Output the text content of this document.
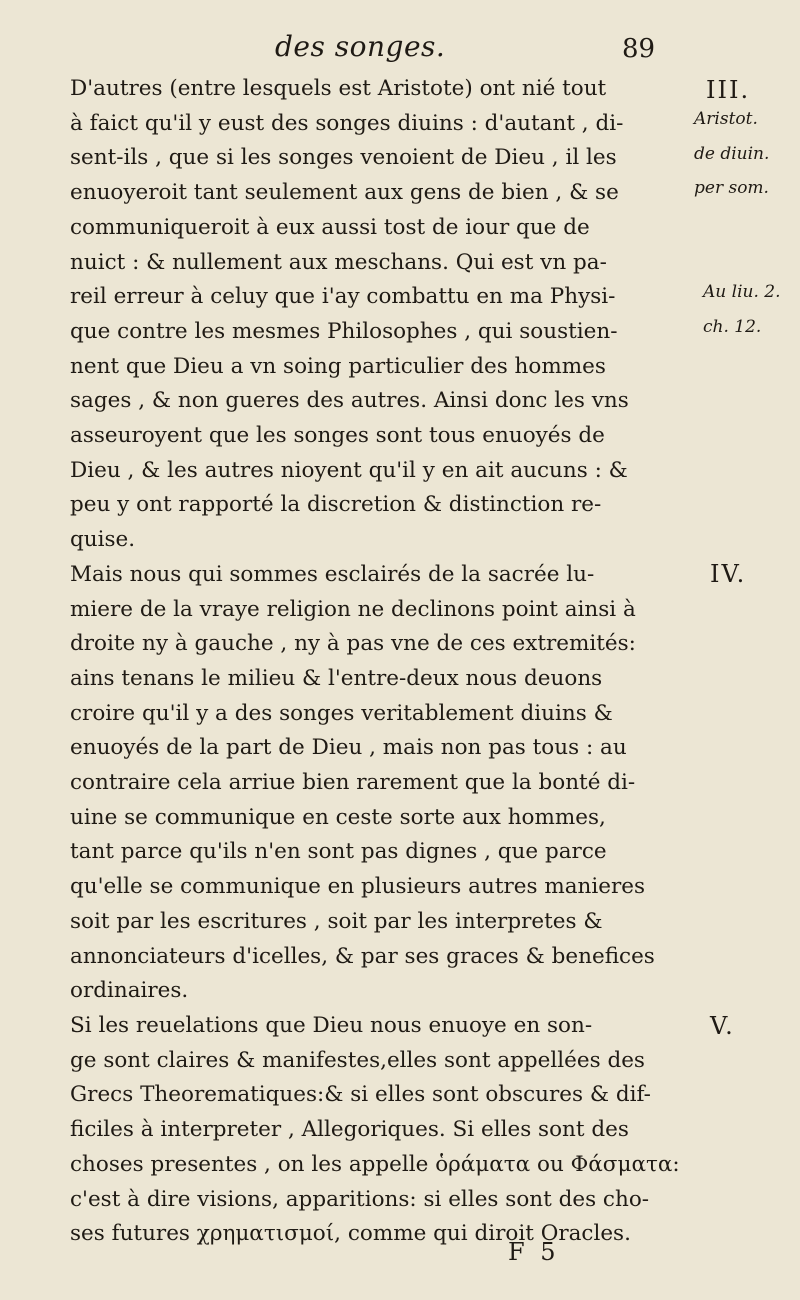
des songes.	89

D'autres (entre lesquels est Aristote) ont nié tout
à faict qu'il y eust des songes diuins : d'autant , di-
sent-ils , que si les songes venoient de Dieu , il les
enuoyeroit tant seulement aux gens de bien , & se
communiqueroit à eux aussi tost de iour que de
nuict : & nullement aux meschans. Qui est vn pa-
reil erreur à celuy que i'ay combattu en ma Physi-
que contre les mesmes Philosophes , qui soustien-
nent que Dieu a vn soing particulier des hommes
sages , & non gueres des autres. Ainsi donc les vns
asseuroyent que les songes sont tous enuoyés de
Dieu , & les autres nioyent qu'il y en ait aucuns : &
peu y ont rapporté la discretion & distinction re-
quise.

Mais nous qui sommes esclairés de la sacrée lu-
miere de la vraye religion ne declinons point ainsi à
droite ny à gauche , ny à pas vne de ces extremités:
ains tenans le milieu & l'entre-deux nous deuons
croire qu'il y a des songes veritablement diuins &
enuoyés de la part de Dieu , mais non pas tous : au
contraire cela arriue bien rarement que la bonté di-
uine se communique en ceste sorte aux hommes,
tant parce qu'ils n'en sont pas dignes , que parce
qu'elle se communique en plusieurs autres manieres
soit par les escritures , soit par les interpretes &
annonciateurs d'icelles, & par ses graces & benefices
ordinaires.

Si les reuelations que Dieu nous enuoye en son-
ge sont claires & manifestes,elles sont appellées des
Grecs Theorematiques:& si elles sont obscures & dif-
ficiles à interpreter , Allegoriques. Si elles sont des
choses presentes , on les appelle ὁράματα ou Φάσματα:
c'est à dire visions, apparitions: si elles sont des cho-
ses futures χρηματισμοί, comme qui diroit Oracles.

III.
Aristot.
de diuin.
per som.
Au liu. 2.
ch. 12.
IV.
V.
F 5
